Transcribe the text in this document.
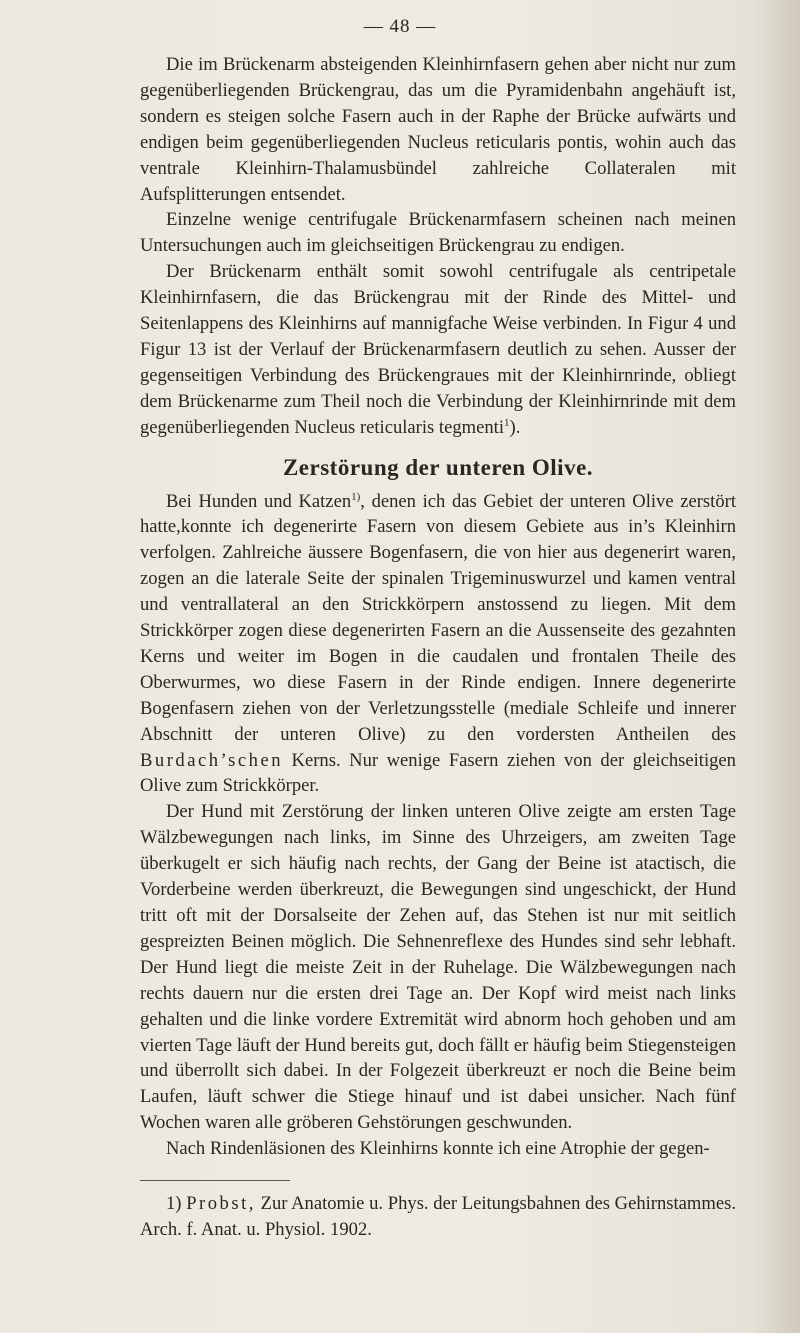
— 48 —

Die im Brückenarm absteigenden Kleinhirnfasern gehen aber nicht nur zum gegenüberliegenden Brückengrau, das um die Pyramidenbahn angehäuft ist, sondern es steigen solche Fasern auch in der Raphe der Brücke aufwärts und endigen beim gegenüberliegenden Nucleus reticularis pontis, wohin auch das ventrale Kleinhirn-Thalamusbündel zahlreiche Collateralen mit Aufsplitterungen entsendet.

Einzelne wenige centrifugale Brückenarmfasern scheinen nach meinen Untersuchungen auch im gleichseitigen Brückengrau zu endigen.

Der Brückenarm enthält somit sowohl centrifugale als centripetale Kleinhirnfasern, die das Brückengrau mit der Rinde des Mittel- und Seitenlappens des Kleinhirns auf mannigfache Weise verbinden. In Figur 4 und Figur 13 ist der Verlauf der Brückenarmfasern deutlich zu sehen. Ausser der gegenseitigen Verbindung des Brückengraues mit der Kleinhirnrinde, obliegt dem Brückenarme zum Theil noch die Verbindung der Kleinhirnrinde mit dem gegenüberliegenden Nucleus reticularis tegmenti$^1$).

Zerstörung der unteren Olive.

Bei Hunden und Katzen$^{1)}$, denen ich das Gebiet der unteren Olive zerstört hatte,konnte ich degenerirte Fasern von diesem Gebiete aus in’s Kleinhirn verfolgen. Zahlreiche äussere Bogenfasern, die von hier aus degenerirt waren, zogen an die laterale Seite der spinalen Trigeminuswurzel und kamen ventral und ventrallateral an den Strickkörpern anstossend zu liegen. Mit dem Strickkörper zogen diese degenerirten Fasern an die Aussenseite des gezahnten Kerns und weiter im Bogen in die caudalen und frontalen Theile des Oberwurmes, wo diese Fasern in der Rinde endigen. Innere degenerirte Bogenfasern ziehen von der Verletzungsstelle (mediale Schleife und innerer Abschnitt der unteren Olive) zu den vordersten Antheilen des Burdach’schen Kerns. Nur wenige Fasern ziehen von der gleichseitigen Olive zum Strickkörper.

Der Hund mit Zerstörung der linken unteren Olive zeigte am ersten Tage Wälzbewegungen nach links, im Sinne des Uhrzeigers, am zweiten Tage überkugelt er sich häufig nach rechts, der Gang der Beine ist atactisch, die Vorderbeine werden überkreuzt, die Bewegungen sind ungeschickt, der Hund tritt oft mit der Dorsalseite der Zehen auf, das Stehen ist nur mit seitlich gespreizten Beinen möglich. Die Sehnenreflexe des Hundes sind sehr lebhaft. Der Hund liegt die meiste Zeit in der Ruhelage. Die Wälzbewegungen nach rechts dauern nur die ersten drei Tage an. Der Kopf wird meist nach links gehalten und die linke vordere Extremität wird abnorm hoch gehoben und am vierten Tage läuft der Hund bereits gut, doch fällt er häufig beim Stiegensteigen und überrollt sich dabei. In der Folgezeit überkreuzt er noch die Beine beim Laufen, läuft schwer die Stiege hinauf und ist dabei unsicher. Nach fünf Wochen waren alle gröberen Gehstörungen geschwunden.

Nach Rindenläsionen des Kleinhirns konnte ich eine Atrophie der gegen-

1) Probst, Zur Anatomie u. Phys. der Leitungsbahnen des Gehirnstammes. Arch. f. Anat. u. Physiol. 1902.
